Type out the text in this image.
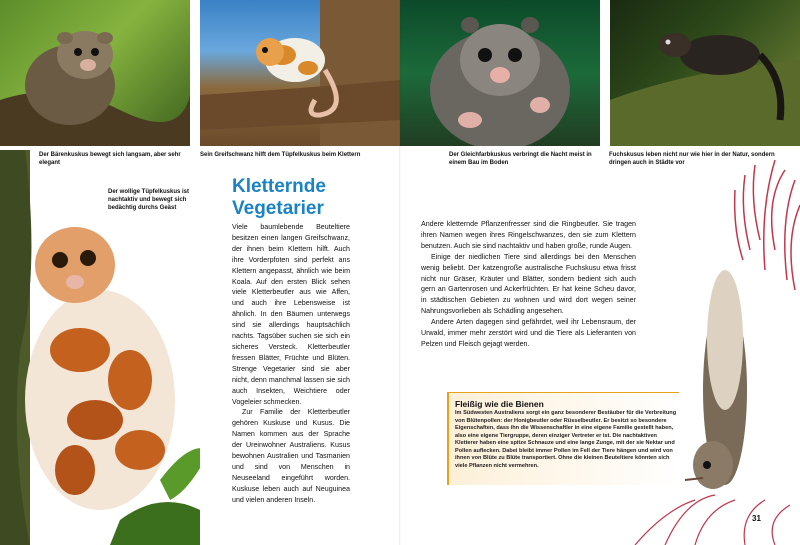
Der Bärenkuskus bewegt sich langsam, aber sehr elegant
Sein Greifschwanz hilft dem Tüpfelkuskus beim Klettern	Der Gleichfarbkuskus verbringt die Nacht meist in einem Bau im Boden
Fuchskusus leben nicht nur wie hier in der Natur, sondern dringen auch in Städte vor
Der wollige Tüpfelkuskus ist nachtaktiv und bewegt sich bedächtig durchs Geäst
Kletternde
Vegetarier

Viele baumlebende Beuteltiere besitzen einen langen Greifschwanz, der ihnen beim Klettern hilft. Auch ihre Vorderpfoten sind perfekt ans Klettern angepasst, ähnlich wie beim Koala. Auf den ersten Blick sehen viele Kletterbeutler aus wie Affen, und auch ihre Lebensweise ist ähnlich. In den Bäumen unterwegs sind sie allerdings hauptsächlich nachts. Tagsüber suchen sie sich ein sicheres Versteck. Kletterbeutler fressen Blätter, Früchte und Blüten. Strenge Vegetarier sind sie aber nicht, denn manchmal lassen sie sich auch Insekten, Weichtiere oder Vogeleier schmecken.

Zur Familie der Kletterbeutler gehören Kuskuse und Kusus. Die Namen kommen aus der Sprache der Ureinwohner Australiens. Kusus bewohnen Australien und Tasmanien und sind von Menschen in Neuseeland eingeführt worden. Kuskuse leben auch auf Neuguinea und vielen anderen Inseln.

Andere kletternde Pflanzenfresser sind die Ringbeutler. Sie tragen ihren Namen wegen ihres Ringelschwanzes, den sie zum Klettern benutzen. Auch sie sind nachtaktiv und haben große, runde Augen.

Einige der niedlichen Tiere sind allerdings bei den Menschen wenig beliebt. Der katzengroße australische Fuchskusu etwa frisst nicht nur Gräser, Kräuter und Blätter, sondern bedient sich auch gern an Gartenrosen und Ackerfrüchten. Er hat keine Scheu davor, in städtischen Gebieten zu wohnen und wird dort wegen seiner Nahrungsvorlieben als Schädling angesehen.

Andere Arten dagegen sind gefährdet, weil ihr Lebensraum, der Urwald, immer mehr zerstört wird und die Tiere als Lieferanten von Pelzen und Fleisch gejagt werden.

Fleißig wie die Bienen
Im Südwesten Australiens sorgt ein ganz besonderer Bestäuber für die Verbreitung von Blütenpollen: der Honigbeutler oder Rüsselbeutler. Er besitzt so besondere Eigenschaften, dass ihn die Wissenschaftler in eine eigene Familie gestellt haben, also eine eigene Tiergruppe, deren einziger Vertreter er ist. Die nachtaktiven Kletterer haben eine spitze Schnauze und eine lange Zunge, mit der sie Nektar und Pollen auflecken. Dabei bleibt immer Pollen im Fell der Tiere hängen und wird von ihnen von Blüte zu Blüte transportiert. Ohne die kleinen Beuteltiere könnten sich viele Pflanzen nicht vermehren.
30	31
